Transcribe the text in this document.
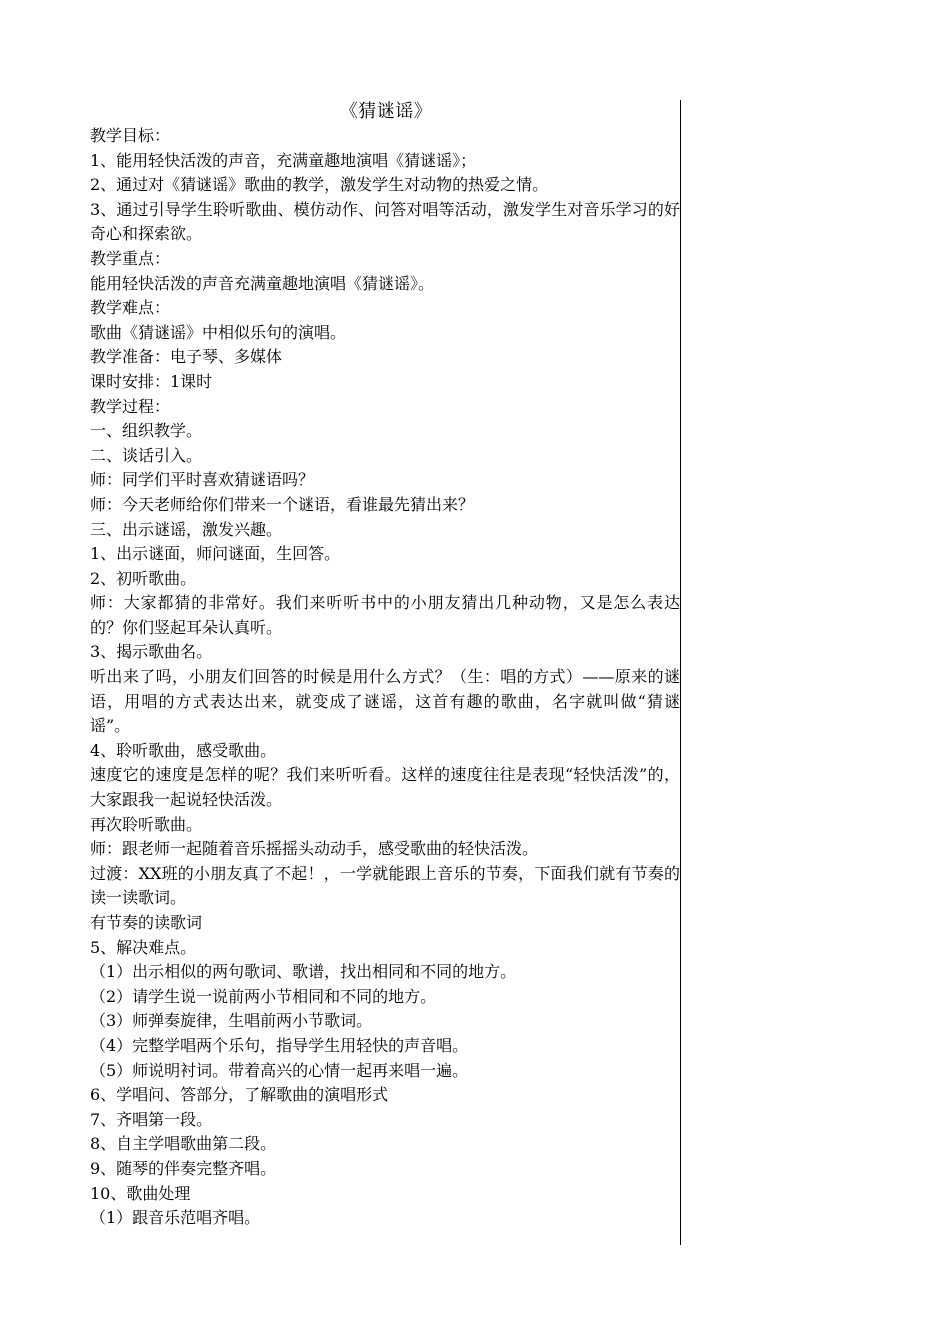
《猜谜谣》

教学目标：

1、能用轻快活泼的声音，充满童趣地演唱《猜谜谣》；

2、通过对《猜谜谣》歌曲的教学，激发学生对动物的热爱之情。

3、通过引导学生聆听歌曲、模仿动作、问答对唱等活动，激发学生对音乐学习的好奇心和探索欲。

教学重点：

能用轻快活泼的声音充满童趣地演唱《猜谜谣》。

教学难点：

歌曲《猜谜谣》中相似乐句的演唱。

教学准备：电子琴、多媒体

课时安排：1课时

教学过程：

一、组织教学。

二、谈话引入。

师：同学们平时喜欢猜谜语吗？

师：今天老师给你们带来一个谜语，看谁最先猜出来？

三、出示谜谣，激发兴趣。

1、出示谜面，师问谜面，生回答。

2、初听歌曲。

师：大家都猜的非常好。我们来听听书中的小朋友猜出几种动物，又是怎么表达的？你们竖起耳朵认真听。

3、揭示歌曲名。

听出来了吗，小朋友们回答的时候是用什么方式？（生：唱的方式）——原来的谜语，用唱的方式表达出来，就变成了谜谣，这首有趣的歌曲，名字就叫做“猜谜谣”。

4、聆听歌曲，感受歌曲。

速度它的速度是怎样的呢？我们来听听看。这样的速度往往是表现“轻快活泼”的，大家跟我一起说轻快活泼。

再次聆听歌曲。

师：跟老师一起随着音乐摇摇头动动手，感受歌曲的轻快活泼。

过渡：XX班的小朋友真了不起！，一学就能跟上音乐的节奏，下面我们就有节奏的读一读歌词。

有节奏的读歌词

5、解决难点。

（1）出示相似的两句歌词、歌谱，找出相同和不同的地方。

（2）请学生说一说前两小节相同和不同的地方。

（3）师弹奏旋律，生唱前两小节歌词。

（4）完整学唱两个乐句，指导学生用轻快的声音唱。

（5）师说明衬词。带着高兴的心情一起再来唱一遍。

6、学唱问、答部分，了解歌曲的演唱形式

7、齐唱第一段。

8、自主学唱歌曲第二段。

9、随琴的伴奏完整齐唱。

10、歌曲处理

（1）跟音乐范唱齐唱。
